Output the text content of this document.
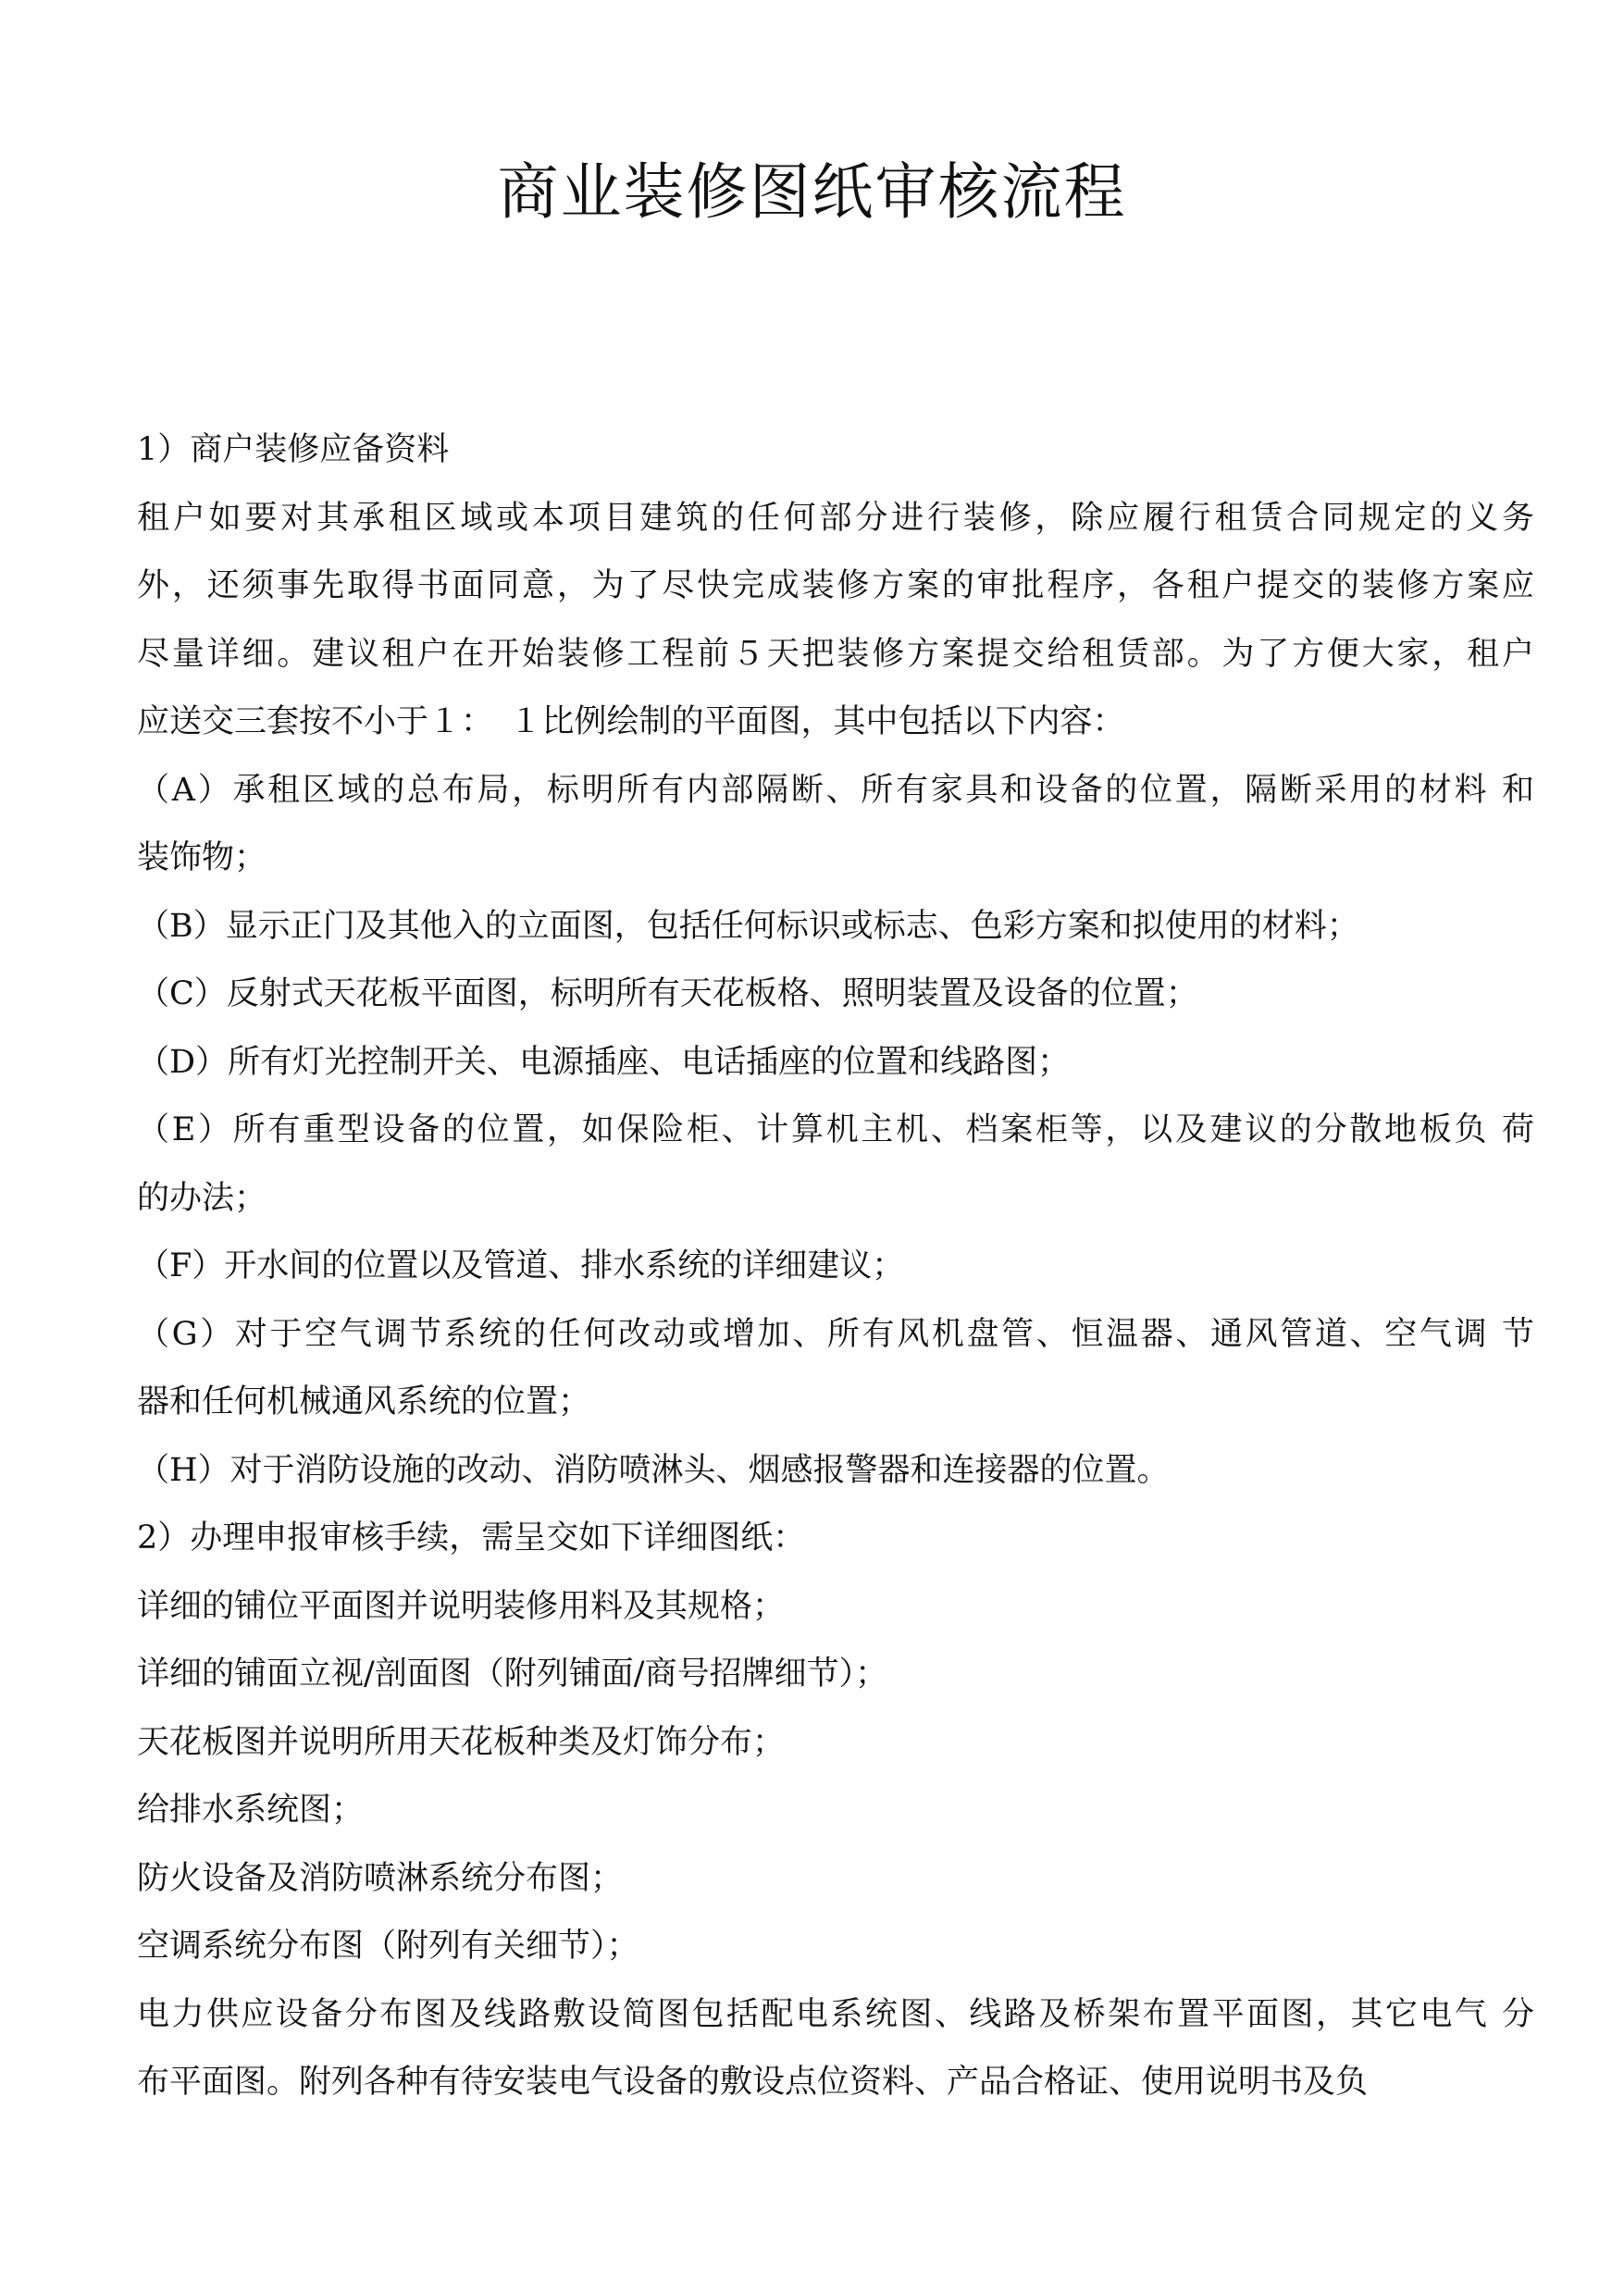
商业装修图纸审核流程
1）商户装修应备资料
租户如要对其承租区域或本项目建筑的任何部分进行装修，除应履行租赁合同规定的义务
外，还须事先取得书面同意，为了尽快完成装修方案的审批程序，各租户提交的装修方案应
尽量详细。建议租户在开始装修工程前５天把装修方案提交给租赁部。为了方便大家，租户
应送交三套按不小于１：　１比例绘制的平面图，其中包括以下内容：
（A）承租区域的总布局，标明所有内部隔断、所有家具和设备的位置，隔断采用的材料 和
装饰物；
（B）显示正门及其他入的立面图，包括任何标识或标志、色彩方案和拟使用的材料；
（C）反射式天花板平面图，标明所有天花板格、照明装置及设备的位置；
（D）所有灯光控制开关、电源插座、电话插座的位置和线路图；
（E）所有重型设备的位置，如保险柜、计算机主机、档案柜等，以及建议的分散地板负 荷
的办法；
（F）开水间的位置以及管道、排水系统的详细建议；
（G）对于空气调节系统的任何改动或增加、所有风机盘管、恒温器、通风管道、空气调 节
器和任何机械通风系统的位置；
（H）对于消防设施的改动、消防喷淋头、烟感报警器和连接器的位置。
2）办理申报审核手续，需呈交如下详细图纸：
详细的铺位平面图并说明装修用料及其规格；
详细的铺面立视/剖面图（附列铺面/商号招牌细节）；
天花板图并说明所用天花板种类及灯饰分布；
给排水系统图；
防火设备及消防喷淋系统分布图；
空调系统分布图（附列有关细节）；
电力供应设备分布图及线路敷设简图包括配电系统图、线路及桥架布置平面图，其它电气 分
布平面图。附列各种有待安装电气设备的敷设点位资料、产品合格证、使用说明书及负
